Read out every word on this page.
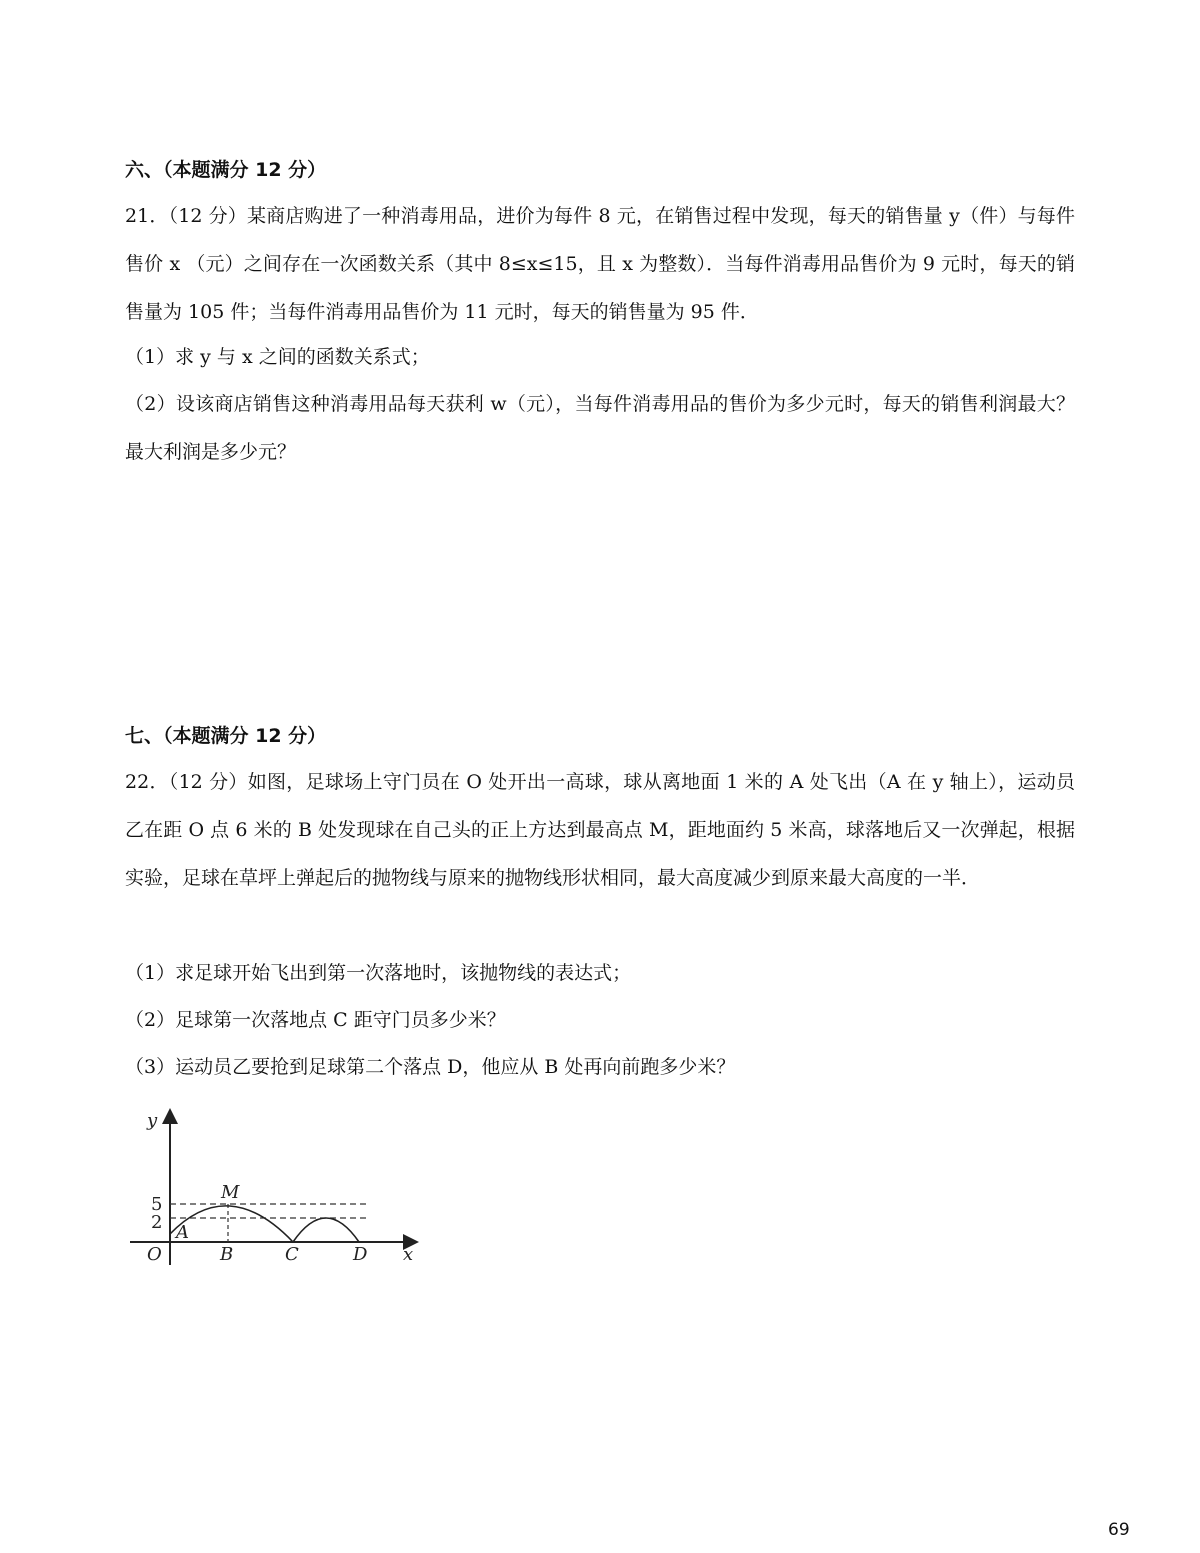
六、（本题满分 12 分）
21．（12 分）某商店购进了一种消毒用品，进价为每件 8 元，在销售过程中发现，每天的销售量 y（件）与每件售价 x （元）之间存在一次函数关系（其中 8≤x≤15，且 x 为整数）．当每件消毒用品售价为 9 元时，每天的销售量为 105 件；当每件消毒用品售价为 11 元时，每天的销售量为 95 件．
（1）求 y 与 x 之间的函数关系式；
（2）设该商店销售这种消毒用品每天获利 w（元），当每件消毒用品的售价为多少元时，每天的销售利润最大？最大利润是多少元？
七、（本题满分 12 分）
22．（12 分）如图，足球场上守门员在 O 处开出一高球，球从离地面 1 米的 A 处飞出（A 在 y 轴上），运动员乙在距 O 点 6 米的 B 处发现球在自己头的正上方达到最高点 M，距地面约 5 米高，球落地后又一次弹起，根据实验，足球在草坪上弹起后的抛物线与原来的抛物线形状相同，最大高度减少到原来最大高度的一半．
（1）求足球开始飞出到第一次落地时，该抛物线的表达式；
（2）足球第一次落地点 C 距守门员多少米？
（3）运动员乙要抢到足球第二个落点 D，他应从 B 处再向前跑多少米？
y
x
5
2
O
A
M
B	C	D
69
